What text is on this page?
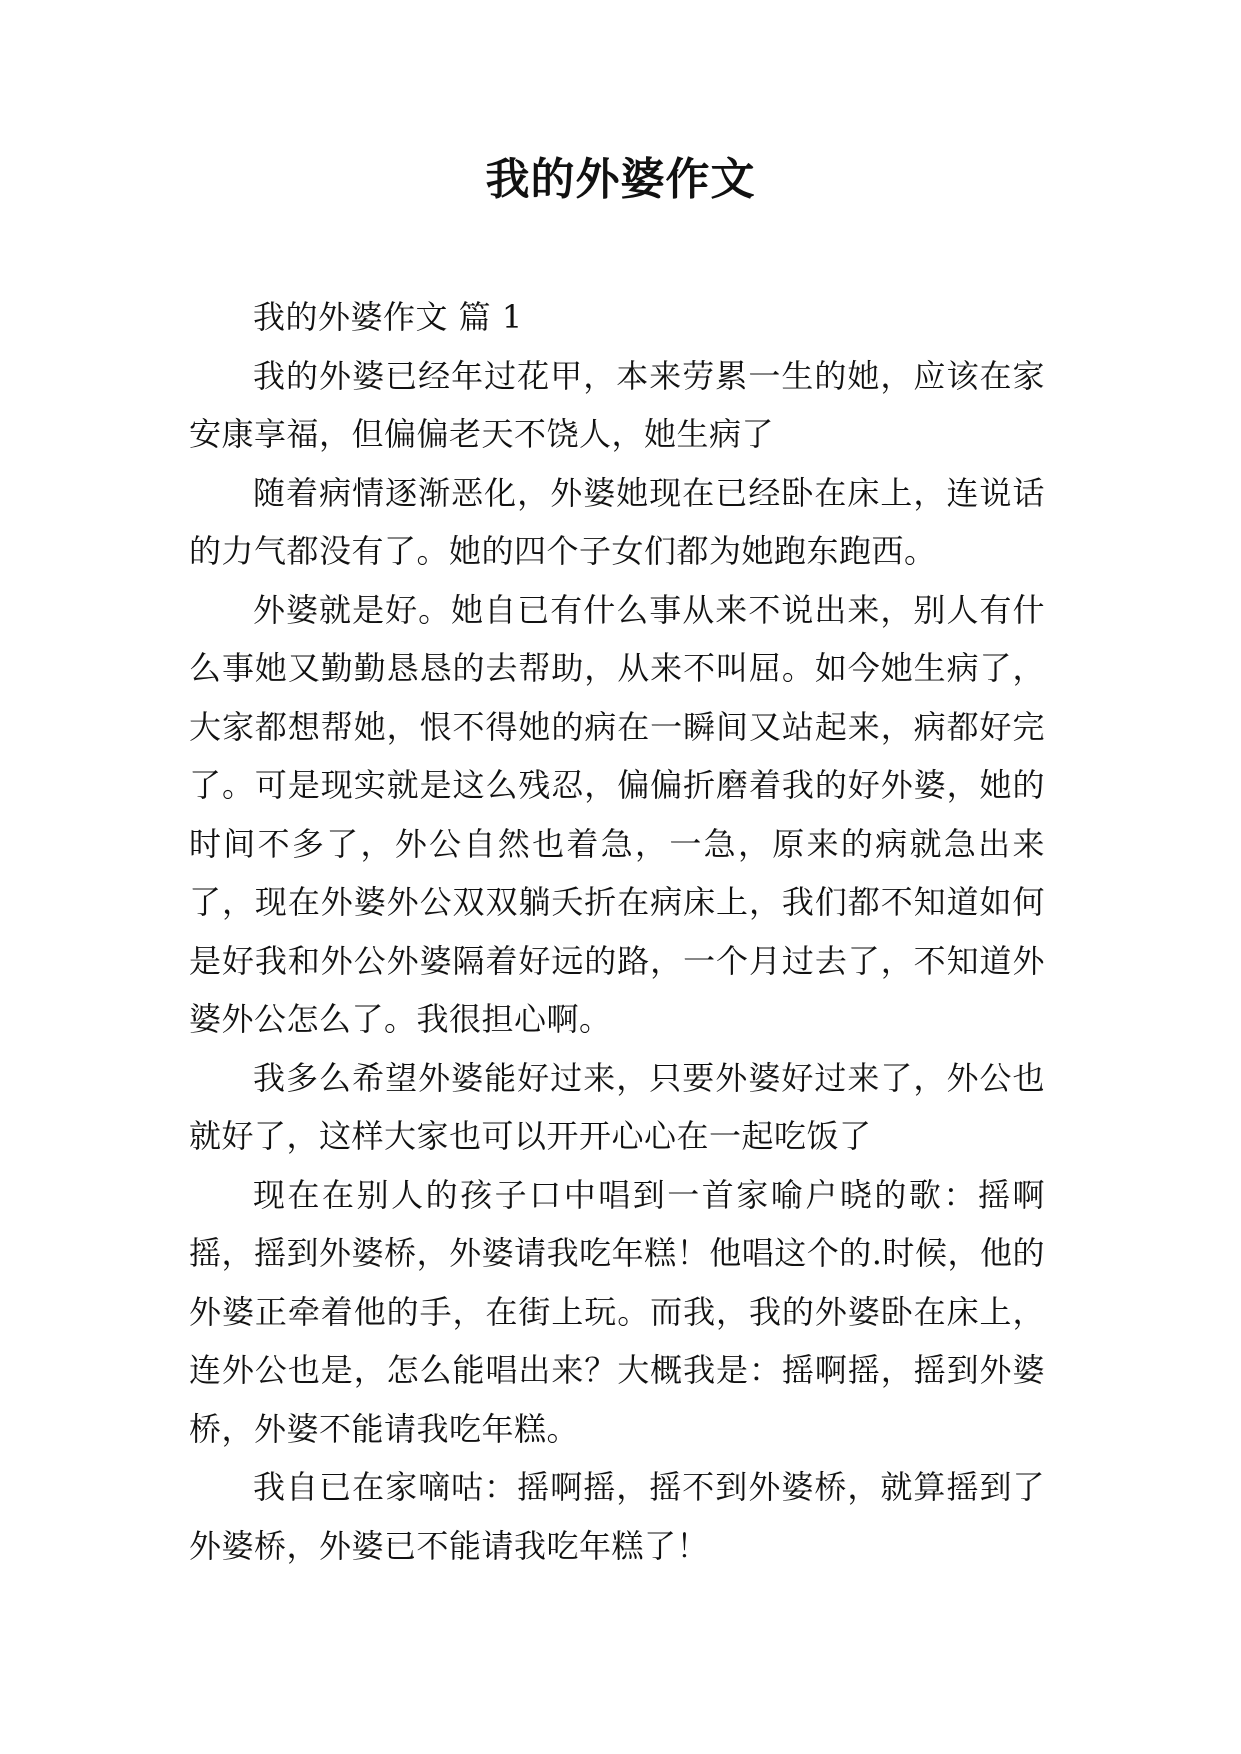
我的外婆作文

我的外婆作文 篇 1

我的外婆已经年过花甲，本来劳累一生的她，应该在家安康享福，但偏偏老天不饶人，她生病了

随着病情逐渐恶化，外婆她现在已经卧在床上，连说话的力气都没有了。她的四个子女们都为她跑东跑西。

外婆就是好。她自已有什么事从来不说出来，别人有什么事她又勤勤恳恳的去帮助，从来不叫屈。如今她生病了，大家都想帮她，恨不得她的病在一瞬间又站起来，病都好完了。可是现实就是这么残忍，偏偏折磨着我的好外婆，她的时间不多了，外公自然也着急，一急，原来的病就急出来了，现在外婆外公双双躺夭折在病床上，我们都不知道如何是好我和外公外婆隔着好远的路，一个月过去了，不知道外婆外公怎么了。我很担心啊。

我多么希望外婆能好过来，只要外婆好过来了，外公也就好了，这样大家也可以开开心心在一起吃饭了

现在在别人的孩子口中唱到一首家喻户晓的歌：摇啊摇，摇到外婆桥，外婆请我吃年糕！他唱这个的.时候，他的外婆正牵着他的手，在街上玩。而我，我的外婆卧在床上，连外公也是，怎么能唱出来？大概我是：摇啊摇，摇到外婆桥，外婆不能请我吃年糕。

我自已在家嘀咕：摇啊摇，摇不到外婆桥，就算摇到了外婆桥，外婆已不能请我吃年糕了！
